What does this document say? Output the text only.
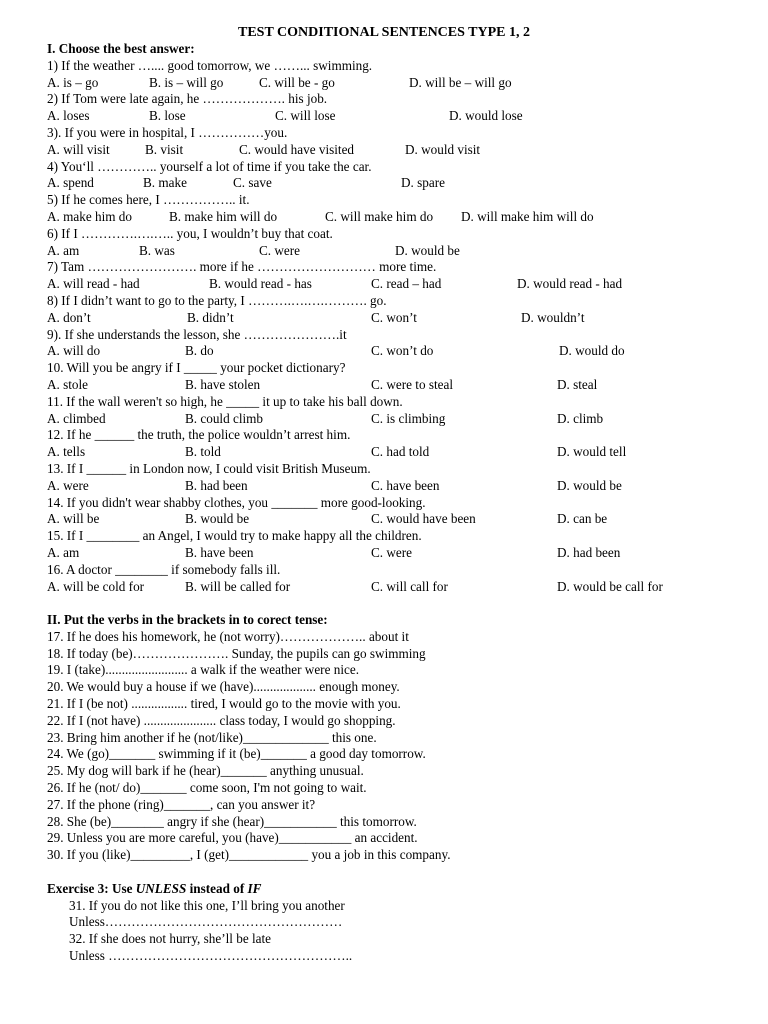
TEST CONDITIONAL SENTENCES TYPE 1, 2
I. Choose the best answer:
1) If the weather ….... good tomorrow, we ……... swimming.
A. is – go	B. is – will go	C. will be - go	D. will be – will go
2) If Tom were late again, he ………………. his job.
A. loses	B. lose	C. will lose	D. would lose
3). If you were in hospital, I ……………you.
A. will visit	B. visit	C. would have visited	D. would visit
4) You‘ll ………….. yourself a lot of time if you take the car.
A. spend	B. make	C. save	D. spare
5) If he comes here, I …………….. it.
A. make him do	B. make him will do	C. will make him do D. will make him will do
6) If I ………….….….. you, I wouldn’t buy that coat.
A. am	B. was	C. were	D. would be
7) Tam ……………………. more if he ……………………… more time.
A. will read - had	B. would read - has	C. read – had	D. would read - had
8) If I didn’t want to go to the party, I ……….….….………. go.
A. don’t	B. didn’t	C. won’t	D. wouldn’t
9). If she understands the lesson, she ………………….it
A. will do	B. do	C. won’t do	D. would do
10. Will you be angry if I _____ your pocket dictionary?
A. stole	B. have stolen	C. were to steal	D. steal
11. If the wall weren't so high, he _____ it up to take his ball down.
A. climbed	B. could climb	C. is climbing	D. climb
12. If he ______ the truth, the police wouldn’t arrest him.
A. tells	B. told	C. had told	D. would tell
13. If I ______ in London now, I could visit British Museum.
A. were	B. had been	C. have been	D. would be
14. If you didn't wear shabby clothes, you _______ more good-looking.
A. will be	B. would be	C. would have been	D. can be
15. If I ________ an Angel, I would try to make happy all the children.
A. am	B. have been	C. were	D. had been
16. A doctor ________ if somebody falls ill.
A. will be cold for	B. will be called for	C. will call for	D. would be call for
II. Put the verbs in the brackets in to corect tense:
17. If he does his homework, he (not worry)……………….. about it
18. If today (be)…………………. Sunday, the pupils can go swimming
19. I (take)......................... a walk if the weather were nice.
20. We would buy a house if we (have)................... enough money.
21. If I (be not) ................. tired, I would go to the movie with you.
22. If I (not have) ...................... class today, I would go shopping.
23. Bring him another if he (not/like)_____________ this one.
24. We (go)_______ swimming if it (be)_______ a good day tomorrow.
25. My dog will bark if he (hear)_______ anything unusual.
26. If he (not/ do)_______ come soon, I'm not going to wait.
27. If the phone (ring)_______, can you answer it?
28. She (be)________ angry if she (hear)___________ this tomorrow.
29. Unless you are more careful, you (have)___________ an accident.
30. If you (like)_________, I (get)____________ you a job in this company.
Exercise 3: Use UNLESS instead of IF
31. If you do not like this one, I’ll bring you another
Unless………………………………………………
32. If she does not hurry, she’ll be late
Unless ………………………………………………..
